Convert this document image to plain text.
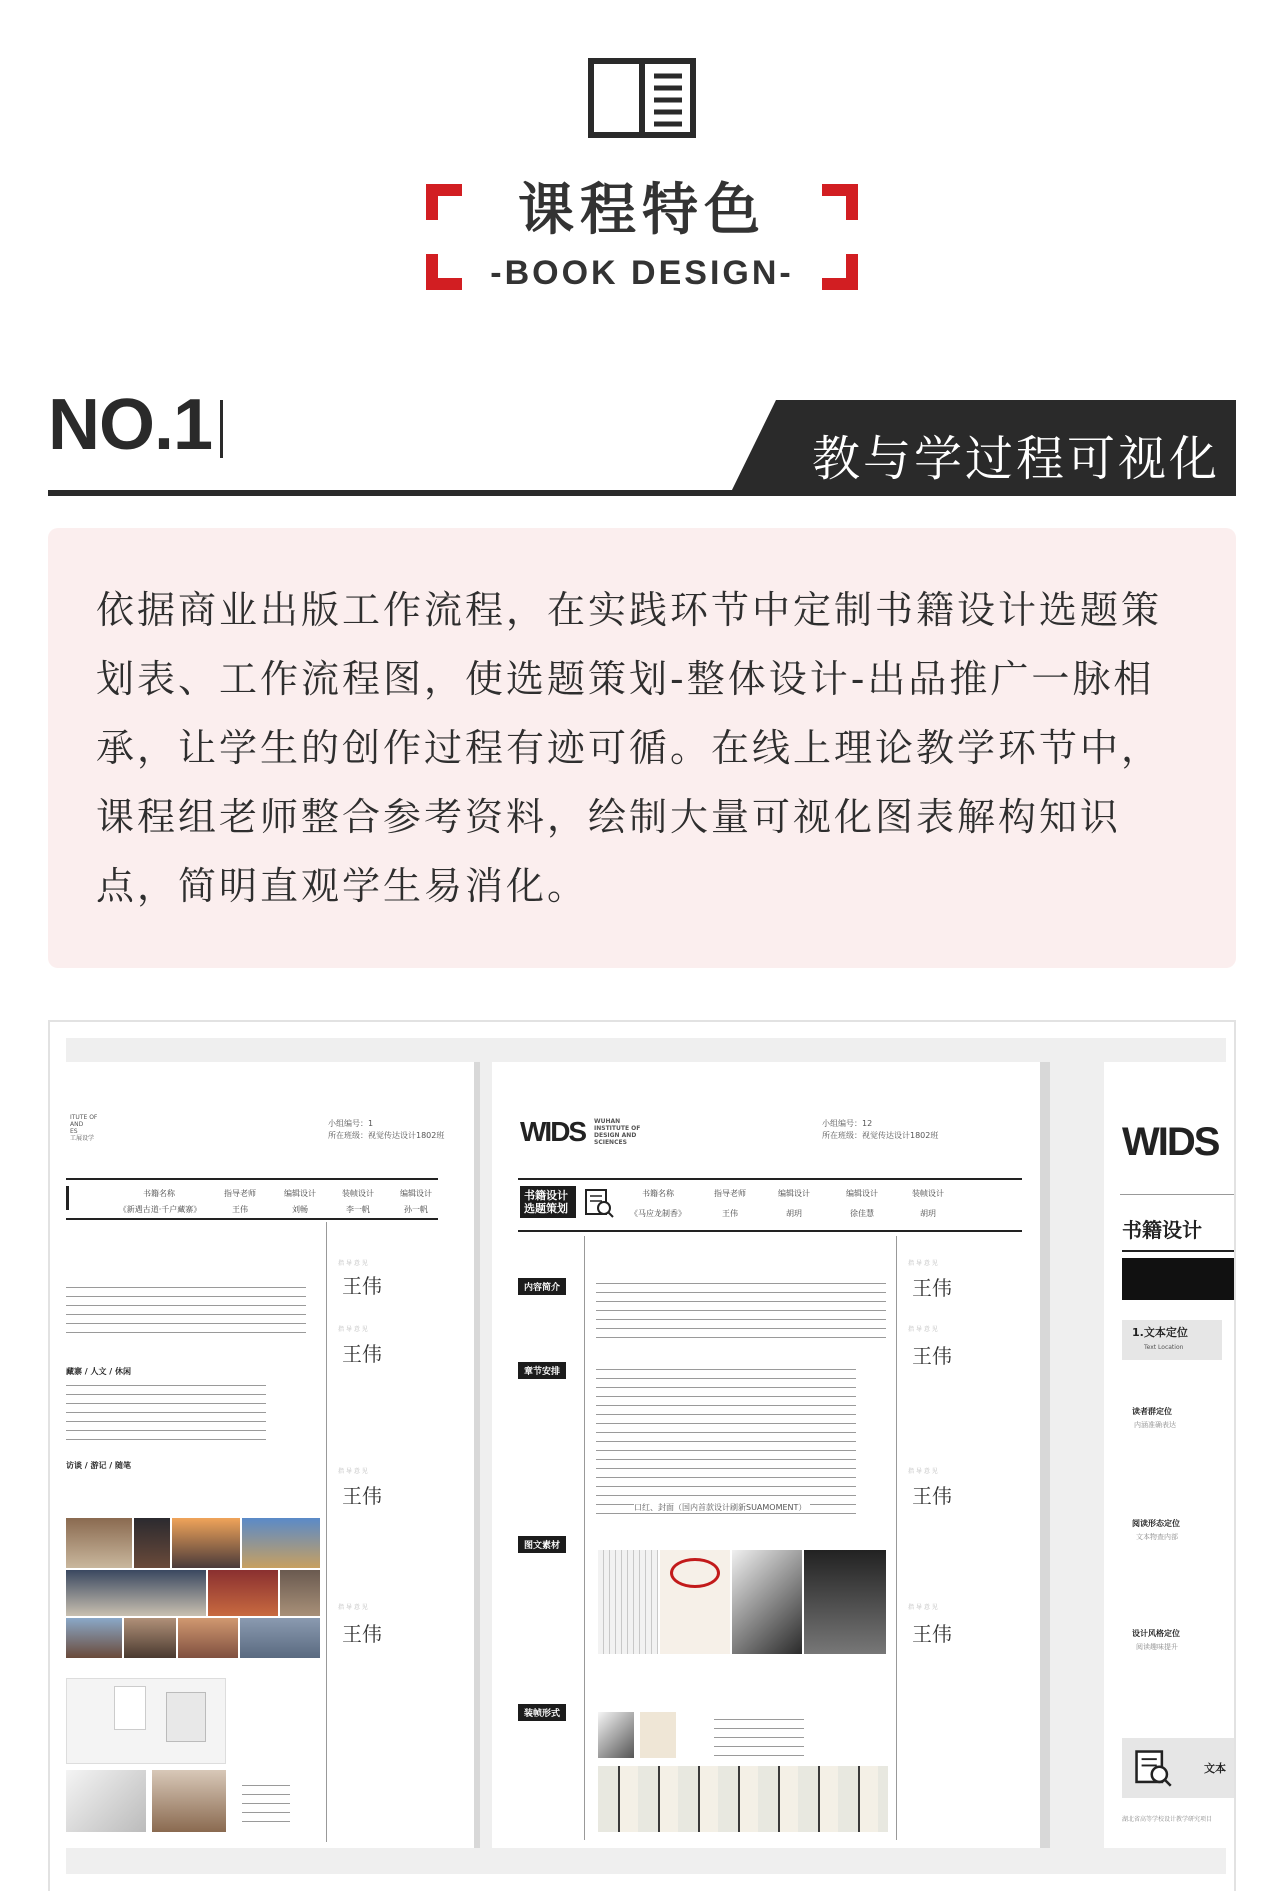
课程特色
-BOOK DESIGN-
NO.1	教与学过程可视化
依据商业出版工作流程，在实践环节中定制书籍设计选题策划表、工作流程图，使选题策划-整体设计-出品推广一脉相承，让学生的创作过程有迹可循。在线上理论教学环节中，课程组老师整合参考资料，绘制大量可视化图表解构知识点，简明直观学生易消化。
ITUTE OF
AND
ES
工展设学
小组编号：1
所在班级：视觉传达设计1802班
书籍名称	指导老师	编辑设计	装帧设计	编辑设计
《新遇古道·千户藏寨》	王伟	刘畅	李一帆	孙一帆
藏寨 / 人文 / 休闲
访谈 / 游记 / 随笔
指 导 意 见
王伟
指 导 意 见
王伟
指 导 意 见
王伟
指 导 意 见
王伟
WIDS WUHAN INSTITUTE OF DESIGN AND SCIENCES
小组编号：12
所在班级：视觉传达设计1802班
书籍设计选题策划
书籍名称	指导老师	编辑设计	编辑设计	装帧设计
《马应龙制香》	王伟	胡玥	徐佳慧	胡玥
内容简介
章节安排
口红、封面（国内首款设计刷新SUAMOMENT）
图文素材
装帧形式
指 导 意 见
王伟
指 导 意 见
王伟
指 导 意 见
王伟
指 导 意 见
王伟
WIDS
书籍设计
1.文本定位
Text Location
读者群定位
内涵准确表达
阅读形态定位
文本物查内部
设计风格定位
阅读趣味提升
文本
湖北省高等学校设计教学研究项目
